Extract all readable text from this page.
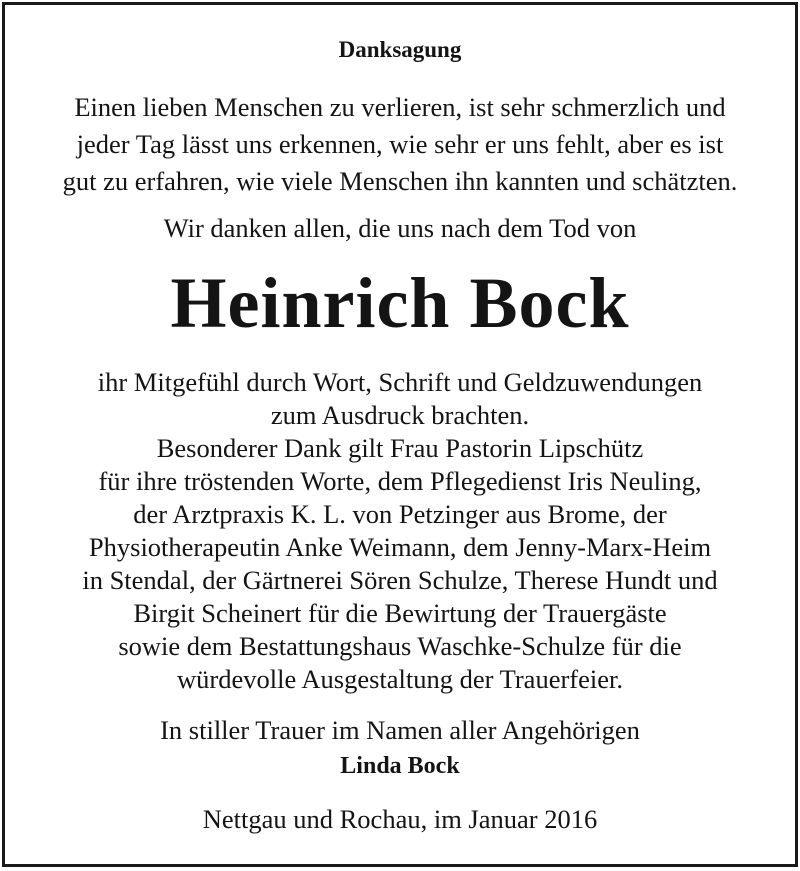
Danksagung
Einen lieben Menschen zu verlieren, ist sehr schmerzlich und
jeder Tag lässt uns erkennen, wie sehr er uns fehlt, aber es ist
gut zu erfahren, wie viele Menschen ihn kannten und schätzten.
Wir danken allen, die uns nach dem Tod von
Heinrich Bock
ihr Mitgefühl durch Wort, Schrift und Geldzuwendungen
zum Ausdruck brachten.
Besonderer Dank gilt Frau Pastorin Lipschütz
für ihre tröstenden Worte, dem Pflegedienst Iris Neuling,
der Arztpraxis K. L. von Petzinger aus Brome, der
Physiotherapeutin Anke Weimann, dem Jenny-Marx-Heim
in Stendal, der Gärtnerei Sören Schulze, Therese Hundt und
Birgit Scheinert für die Bewirtung der Trauergäste
sowie dem Bestattungshaus Waschke-Schulze für die
würdevolle Ausgestaltung der Trauerfeier.
In stiller Trauer im Namen aller Angehörigen
Linda Bock
Nettgau und Rochau, im Januar 2016
